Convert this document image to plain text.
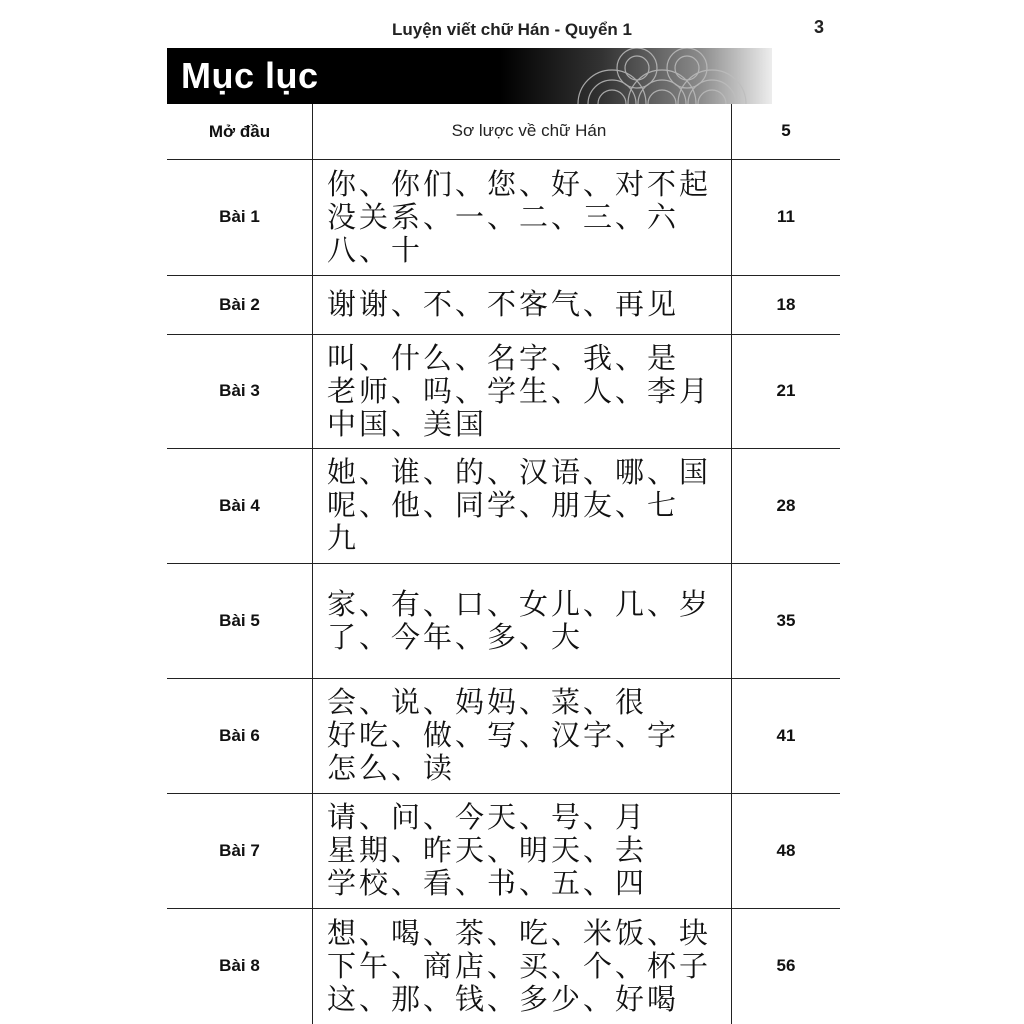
Luyện viết chữ Hán - Quyển 1	3
Mục lục
Mở đầu	Sơ lược về chữ Hán	5
Bài 1	你、你们、您、好、对不起
没关系、一、二、三、六
八、十	11
Bài 2	谢谢、不、不客气、再见	18
Bài 3	叫、什么、名字、我、是
老师、吗、学生、人、李月
中国、美国	21
Bài 4	她、谁、的、汉语、哪、国
呢、他、同学、朋友、七
九	28
Bài 5	家、有、口、女儿、几、岁
了、今年、多、大	35
Bài 6	会、说、妈妈、菜、很
好吃、做、写、汉字、字
怎么、读	41
Bài 7	请、问、今天、号、月
星期、昨天、明天、去
学校、看、书、五、四	48
Bài 8	想、喝、茶、吃、米饭、块
下午、商店、买、个、杯子
这、那、钱、多少、好喝	56
